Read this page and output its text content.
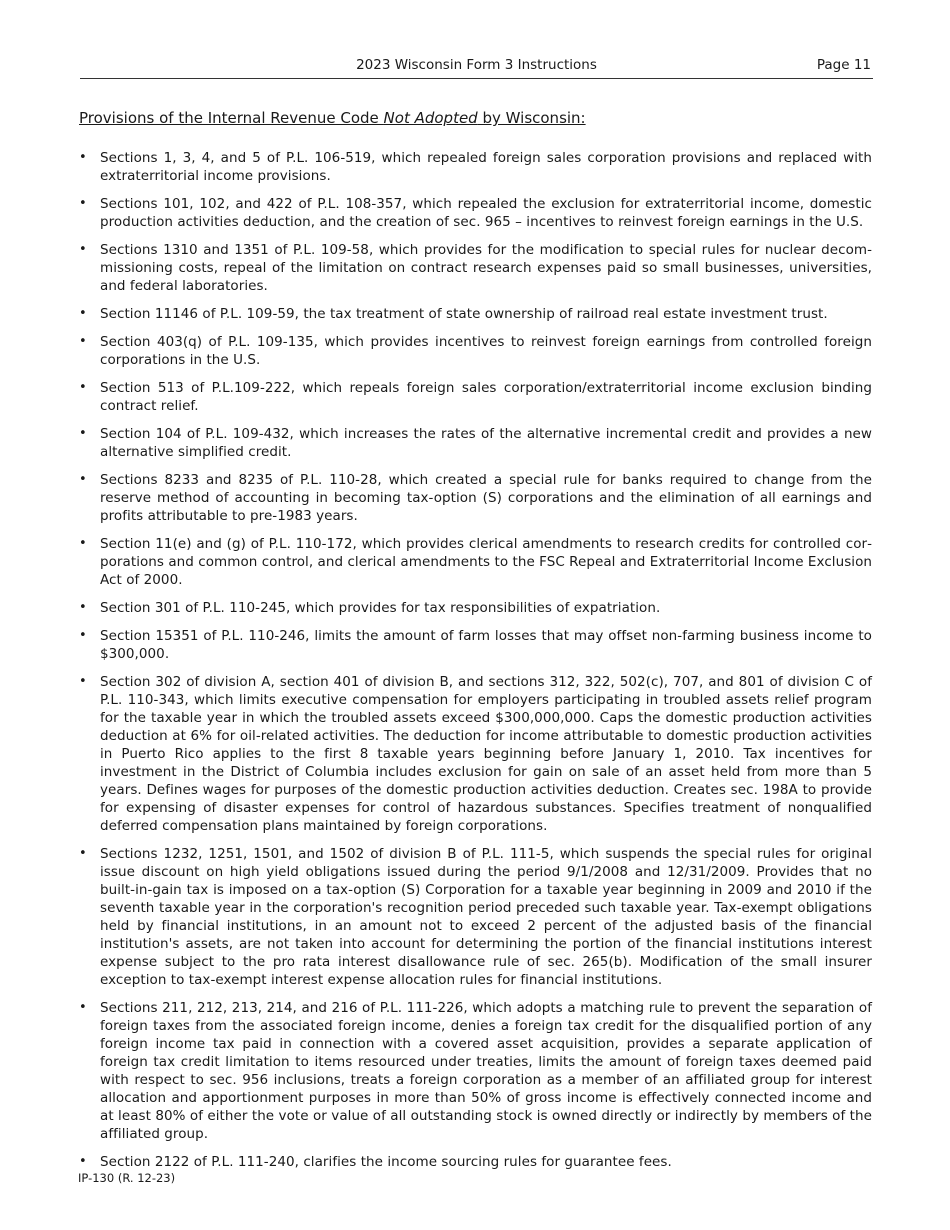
2023 Wisconsin Form 3 Instructions	Page 11
Provisions of the Internal Revenue Code Not Adopted by Wisconsin:
• Sections 1, 3, 4, and 5 of P.L. 106-519, which repealed foreign sales corporation provisions and replaced with extraterritorial income provisions.
• Sections 101, 102, and 422 of P.L. 108-357, which repealed the exclusion for extraterritorial income, domestic production activities deduction, and the creation of sec. 965 – incentives to reinvest foreign earnings in the U.S.
• Sections 1310 and 1351 of P.L. 109-58, which provides for the modification to special rules for nuclear decommissioning costs, repeal of the limitation on contract research expenses paid so small businesses, universities, and federal laboratories.
• Section 11146 of P.L. 109-59, the tax treatment of state ownership of railroad real estate investment trust.
• Section 403(q) of P.L. 109-135, which provides incentives to reinvest foreign earnings from controlled foreign corporations in the U.S.
• Section 513 of P.L.109-222, which repeals foreign sales corporation/extraterritorial income exclusion binding contract relief.
• Section 104 of P.L. 109-432, which increases the rates of the alternative incremental credit and provides a new alternative simplified credit.
• Sections 8233 and 8235 of P.L. 110-28, which created a special rule for banks required to change from the reserve method of accounting in becoming tax-option (S) corporations and the elimination of all earnings and profits attributable to pre-1983 years.
• Section 11(e) and (g) of P.L. 110-172, which provides clerical amendments to research credits for controlled corporations and common control, and clerical amendments to the FSC Repeal and Extraterritorial Income Exclusion Act of 2000.
• Section 301 of P.L. 110-245, which provides for tax responsibilities of expatriation.
• Section 15351 of P.L. 110-246, limits the amount of farm losses that may offset non-farming business income to $300,000.
• Section 302 of division A, section 401 of division B, and sections 312, 322, 502(c), 707, and 801 of division C of P.L. 110-343, which limits executive compensation for employers participating in troubled assets relief program for the taxable year in which the troubled assets exceed $300,000,000. Caps the domestic production activities deduction at 6% for oil-related activities. The deduction for income attributable to domestic production activities in Puerto Rico applies to the first 8 taxable years beginning before January 1, 2010. Tax incentives for investment in the District of Columbia includes exclusion for gain on sale of an asset held from more than 5 years. Defines wages for purposes of the domestic production activities deduction. Creates sec. 198A to provide for expensing of disaster expenses for control of hazardous substances. Specifies treatment of nonqualified deferred compensation plans maintained by foreign corporations.
• Sections 1232, 1251, 1501, and 1502 of division B of P.L. 111-5, which suspends the special rules for original issue discount on high yield obligations issued during the period 9/1/2008 and 12/31/2009. Provides that no built-in-gain tax is imposed on a tax-option (S) Corporation for a taxable year beginning in 2009 and 2010 if the seventh taxable year in the corporation's recognition period preceded such taxable year. Tax-exempt obligations held by financial institutions, in an amount not to exceed 2 percent of the adjusted basis of the financial institution's assets, are not taken into account for determining the portion of the financial institutions interest expense subject to the pro rata interest disallowance rule of sec. 265(b). Modification of the small insurer exception to tax-exempt interest expense allocation rules for financial institutions.
• Sections 211, 212, 213, 214, and 216 of P.L. 111-226, which adopts a matching rule to prevent the separation of foreign taxes from the associated foreign income, denies a foreign tax credit for the disqualified portion of any foreign income tax paid in connection with a covered asset acquisition, provides a separate application of foreign tax credit limitation to items resourced under treaties, limits the amount of foreign taxes deemed paid with respect to sec. 956 inclusions, treats a foreign corporation as a member of an affiliated group for interest allocation and apportionment purposes in more than 50% of gross income is effectively connected income and at least 80% of either the vote or value of all outstanding stock is owned directly or indirectly by members of the affiliated group.
• Section 2122 of P.L. 111-240, clarifies the income sourcing rules for guarantee fees.
IP-130 (R. 12-23)
